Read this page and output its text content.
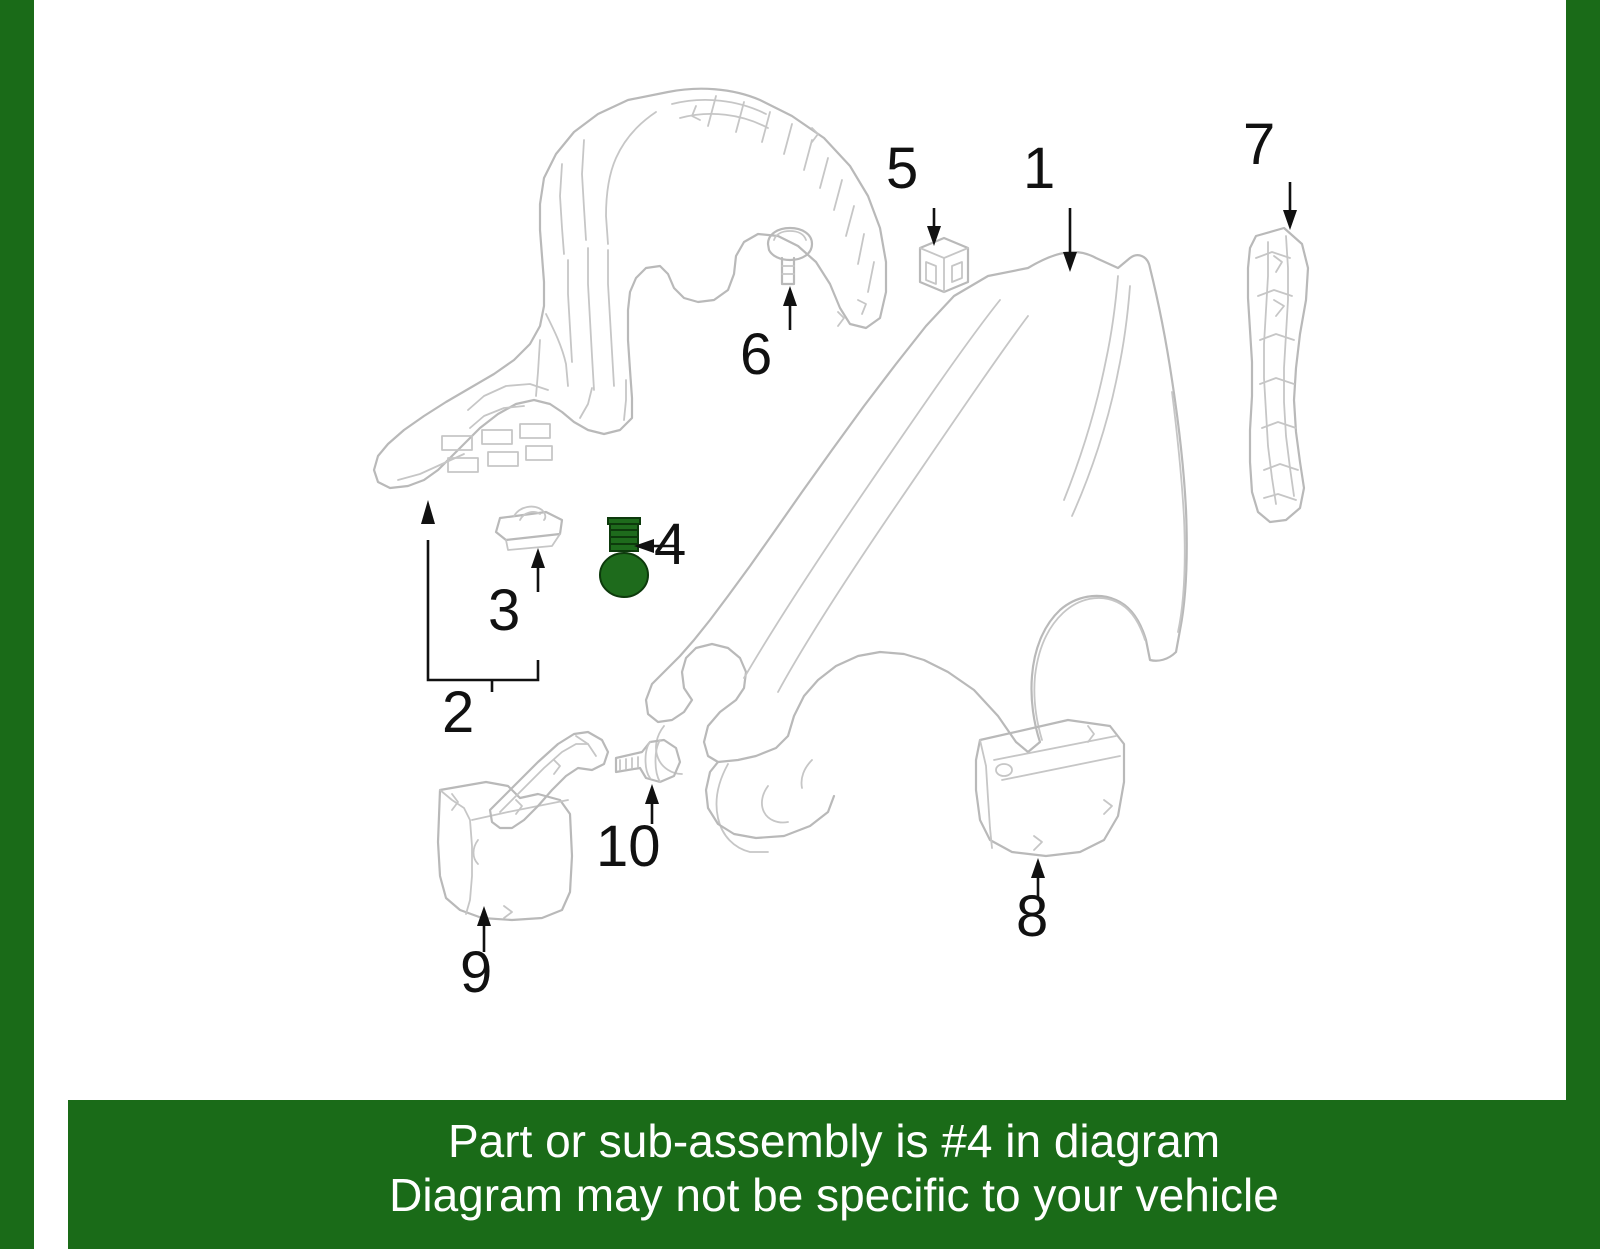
5 1	7
6
4
3
2
10
9
8
Part or sub-assembly is #4 in diagram
Diagram may not be specific to your vehicle
